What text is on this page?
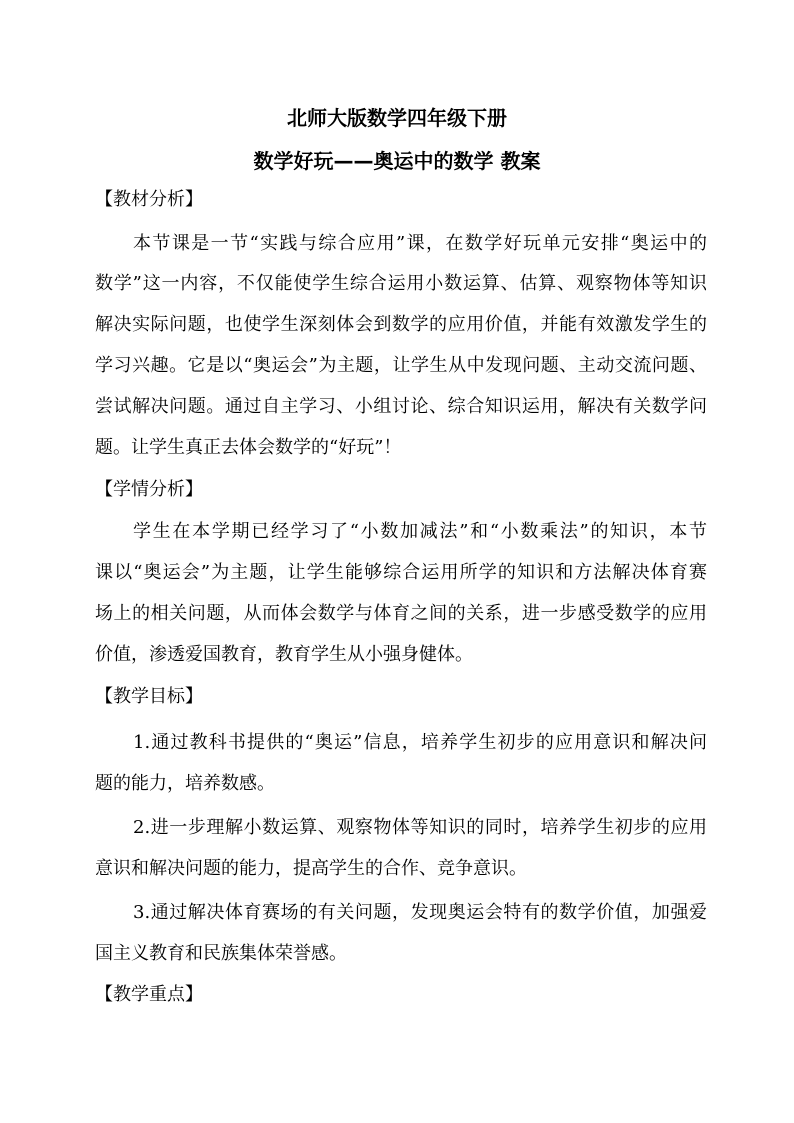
北师大版数学四年级下册
数学好玩——奥运中的数学 教案
【教材分析】
本节课是一节“实践与综合应用”课，在数学好玩单元安排“奥运中的
数学”这一内容，不仅能使学生综合运用小数运算、估算、观察物体等知识
解决实际问题，也使学生深刻体会到数学的应用价值，并能有效激发学生的
学习兴趣。它是以“奥运会”为主题，让学生从中发现问题、主动交流问题、
尝试解决问题。通过自主学习、小组讨论、综合知识运用，解决有关数学问
题。让学生真正去体会数学的“好玩”！
【学情分析】
学生在本学期已经学习了“小数加减法”和“小数乘法”的知识，本节
课以“奥运会”为主题，让学生能够综合运用所学的知识和方法解决体育赛
场上的相关问题，从而体会数学与体育之间的关系，进一步感受数学的应用
价值，渗透爱国教育，教育学生从小强身健体。
【教学目标】
1.通过教科书提供的“奥运”信息，培养学生初步的应用意识和解决问
题的能力，培养数感。
2.进一步理解小数运算、观察物体等知识的同时，培养学生初步的应用
意识和解决问题的能力，提高学生的合作、竞争意识。
3.通过解决体育赛场的有关问题，发现奥运会特有的数学价值，加强爱
国主义教育和民族集体荣誉感。
【教学重点】
